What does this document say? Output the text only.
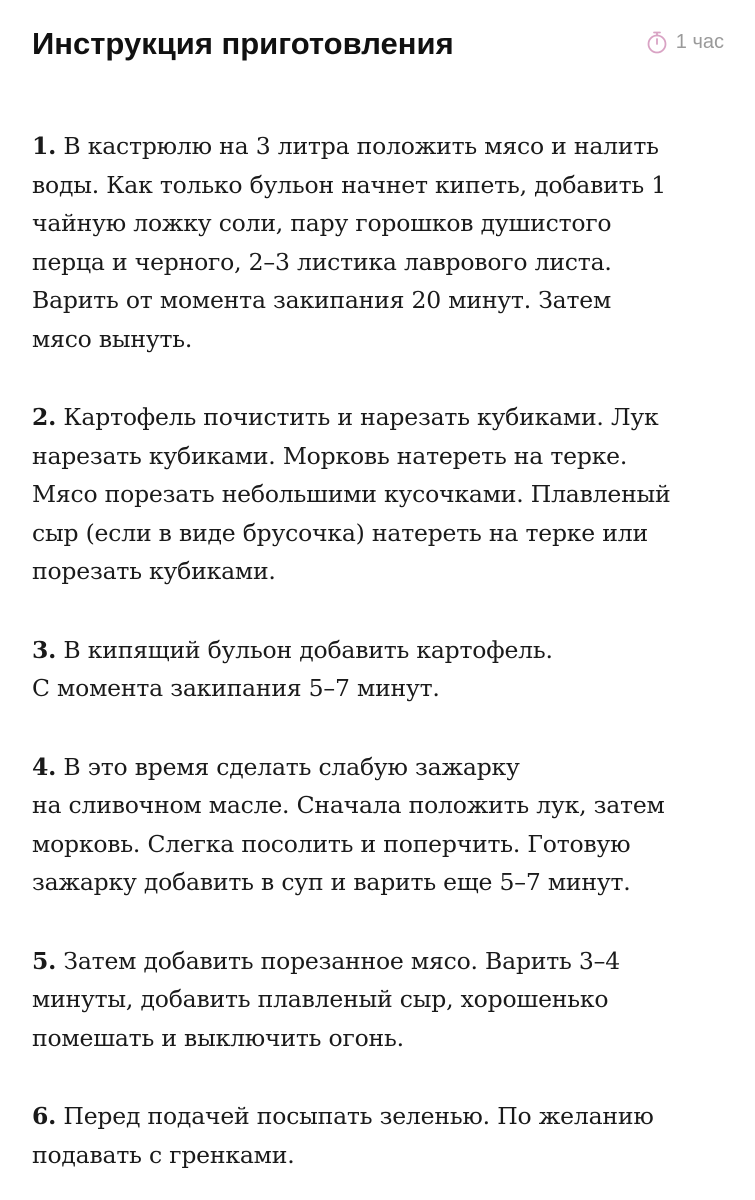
Инструкция приготовления	1 час

1. В кастрюлю на 3 литра положить мясо и налить
воды. Как только бульон начнет кипеть, добавить 1
чайную ложку соли, пару горошков душистого
перца и черного, 2–3 листика лаврового листа.
Варить от момента закипания 20 минут. Затем
мясо вынуть.

2. Картофель почистить и нарезать кубиками. Лук
нарезать кубиками. Морковь натереть на терке.
Мясо порезать небольшими кусочками. Плавленый
сыр (если в виде брусочка) натереть на терке или
порезать кубиками.

3. В кипящий бульон добавить картофель.
С момента закипания 5–7 минут.

4. В это время сделать слабую зажарку
на сливочном масле. Сначала положить лук, затем
морковь. Слегка посолить и поперчить. Готовую
зажарку добавить в суп и варить еще 5–7 минут.

5. Затем добавить порезанное мясо. Варить 3–4
минуты, добавить плавленый сыр, хорошенько
помешать и выключить огонь.

6. Перед подачей посыпать зеленью. По желанию
подавать с гренками.
